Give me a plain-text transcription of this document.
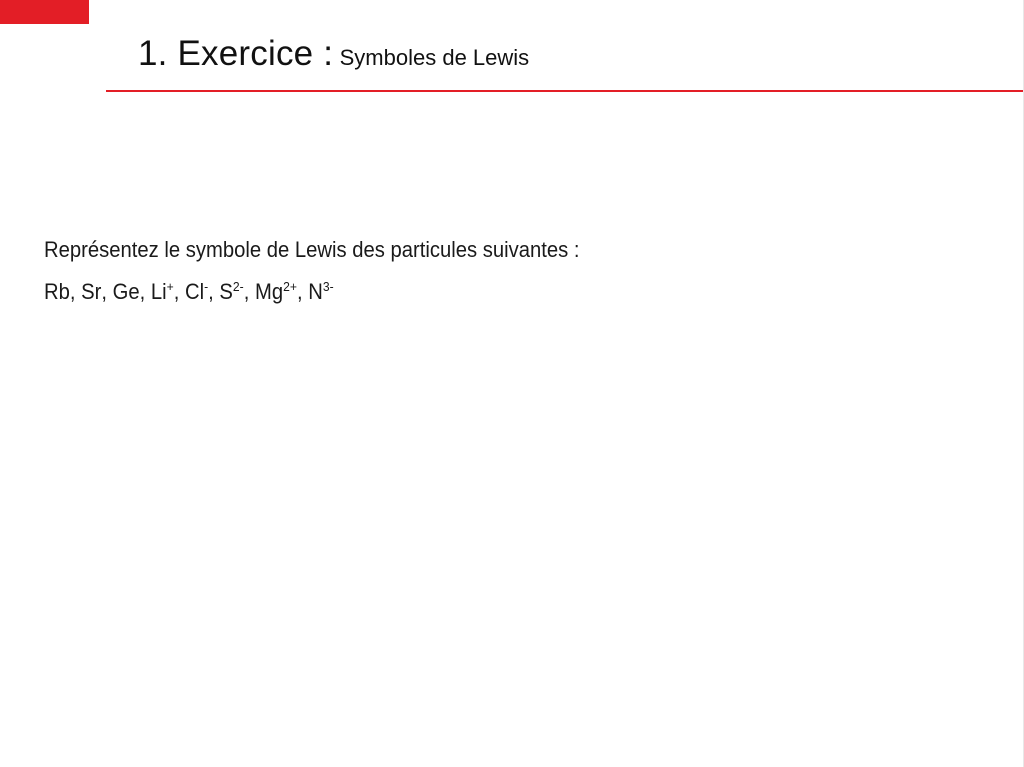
1. Exercice : Symboles de Lewis
Représentez le symbole de Lewis des particules suivantes :
Rb, Sr, Ge, Li+, Cl-, $S^{2-}$, $Mg^{2+}$, $N^{3-}$
